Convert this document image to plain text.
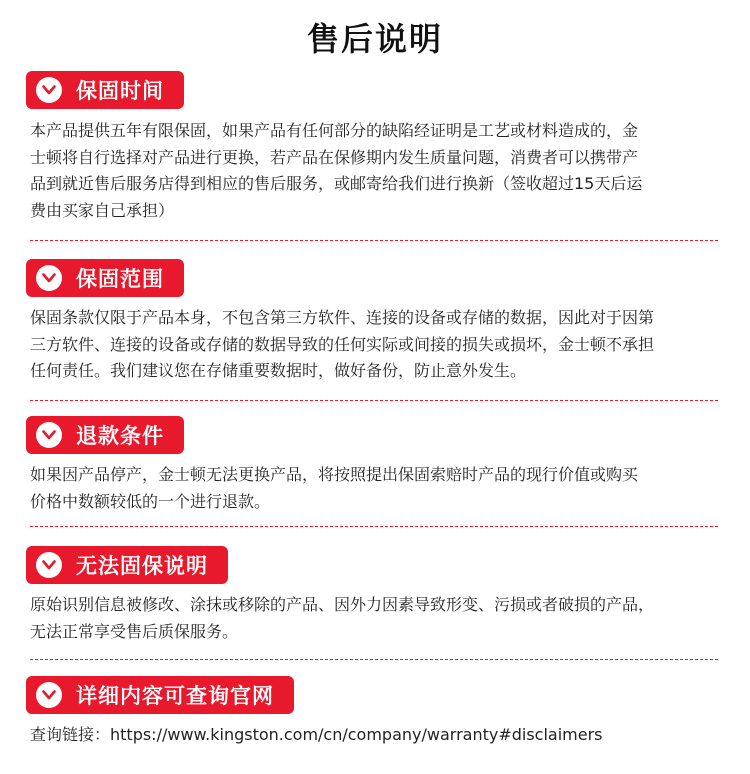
售后说明
保固时间
本产品提供五年有限保固，如果产品有任何部分的缺陷经证明是工艺或材料造成的，金
士顿将自行选择对产品进行更换，若产品在保修期内发生质量问题，消费者可以携带产
品到就近售后服务店得到相应的售后服务，或邮寄给我们进行换新（签收超过15天后运
费由买家自己承担）
保固范围
保固条款仅限于产品本身，不包含第三方软件、连接的设备或存储的数据，因此对于因第
三方软件、连接的设备或存储的数据导致的任何实际或间接的损失或损坏，金士顿不承担
任何责任。我们建议您在存储重要数据时，做好备份，防止意外发生。
退款条件
如果因产品停产，金士顿无法更换产品，将按照提出保固索赔时产品的现行价值或购买
价格中数额较低的一个进行退款。
无法固保说明
原始识别信息被修改、涂抹或移除的产品、因外力因素导致形变、污损或者破损的产品，
无法正常享受售后质保服务。
详细内容可查询官网
查询链接：https://www.kingston.com/cn/company/warranty#disclaimers
